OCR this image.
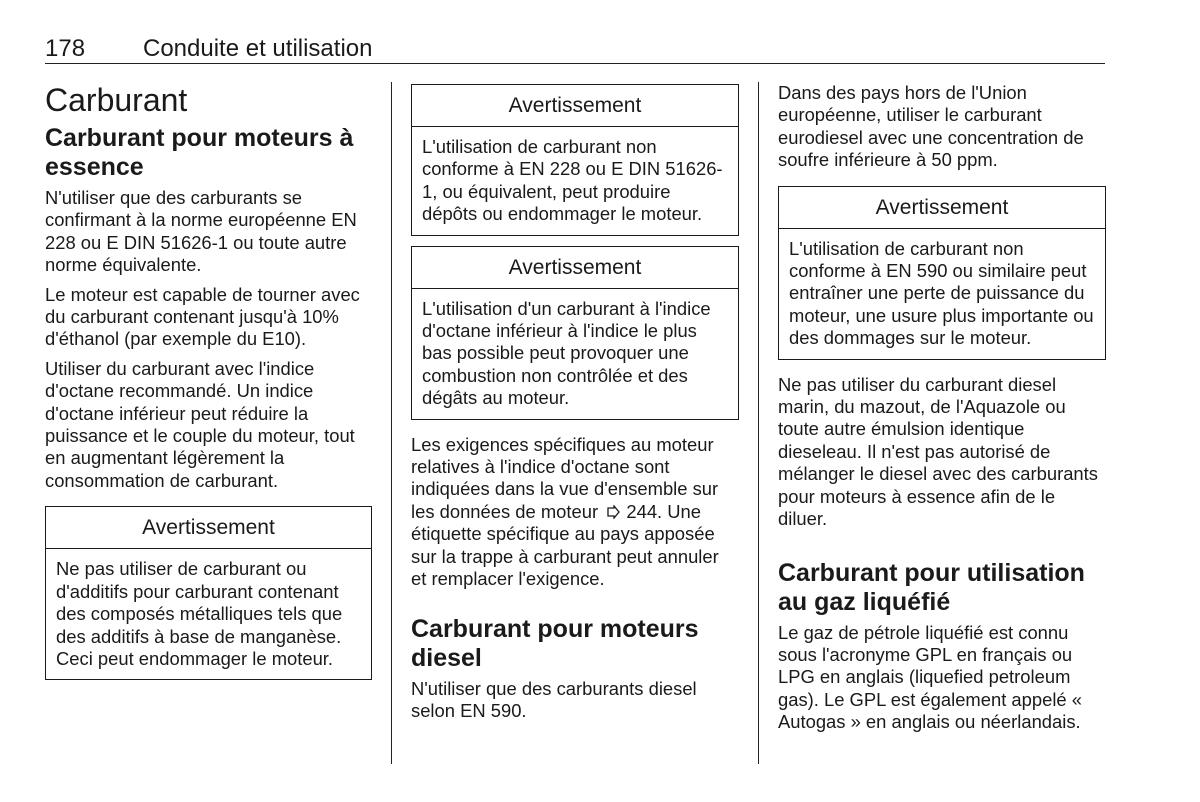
178 Conduite et utilisation
Carburant
Carburant pour moteurs à essence

N'utiliser que des carburants se confirmant à la norme européenne EN 228 ou E DIN 51626-1 ou toute autre norme équivalente.

Le moteur est capable de tourner avec du carburant contenant jusqu'à 10% d'éthanol (par exemple du E10).

Utiliser du carburant avec l'indice d'octane recommandé. Un indice d'octane inférieur peut réduire la puissance et le couple du moteur, tout en augmentant légèrement la consommation de carburant.

Avertissement
Ne pas utiliser de carburant ou d'additifs pour carburant contenant des composés métalliques tels que des additifs à base de manganèse. Ceci peut endommager le moteur.
Avertissement
L'utilisation de carburant non conforme à EN 228 ou E DIN 51626-1, ou équivalent, peut produire dépôts ou endommager le moteur.
Avertissement
L'utilisation d'un carburant à l'indice d'octane inférieur à l'indice le plus bas possible peut provoquer une combustion non contrôlée et des dégâts au moteur.

Les exigences spécifiques au moteur relatives à l'indice d'octane sont indiquées dans la vue d'ensemble sur les données de moteur 244. Une étiquette spécifique au pays apposée sur la trappe à carburant peut annuler et remplacer l'exigence.

Carburant pour moteurs diesel

N'utiliser que des carburants diesel selon EN 590.

Dans des pays hors de l'Union européenne, utiliser le carburant eurodiesel avec une concentration de soufre inférieure à 50 ppm.

Avertissement
L'utilisation de carburant non conforme à EN 590 ou similaire peut entraîner une perte de puissance du moteur, une usure plus importante ou des dommages sur le moteur.

Ne pas utiliser du carburant diesel marin, du mazout, de l'Aquazole ou toute autre émulsion identique dieseleau. Il n'est pas autorisé de mélanger le diesel avec des carburants pour moteurs à essence afin de le diluer.

Carburant pour utilisation au gaz liquéfié

Le gaz de pétrole liquéfié est connu sous l'acronyme GPL en français ou LPG en anglais (liquefied petroleum gas). Le GPL est également appelé « Autogas » en anglais ou néerlandais.
